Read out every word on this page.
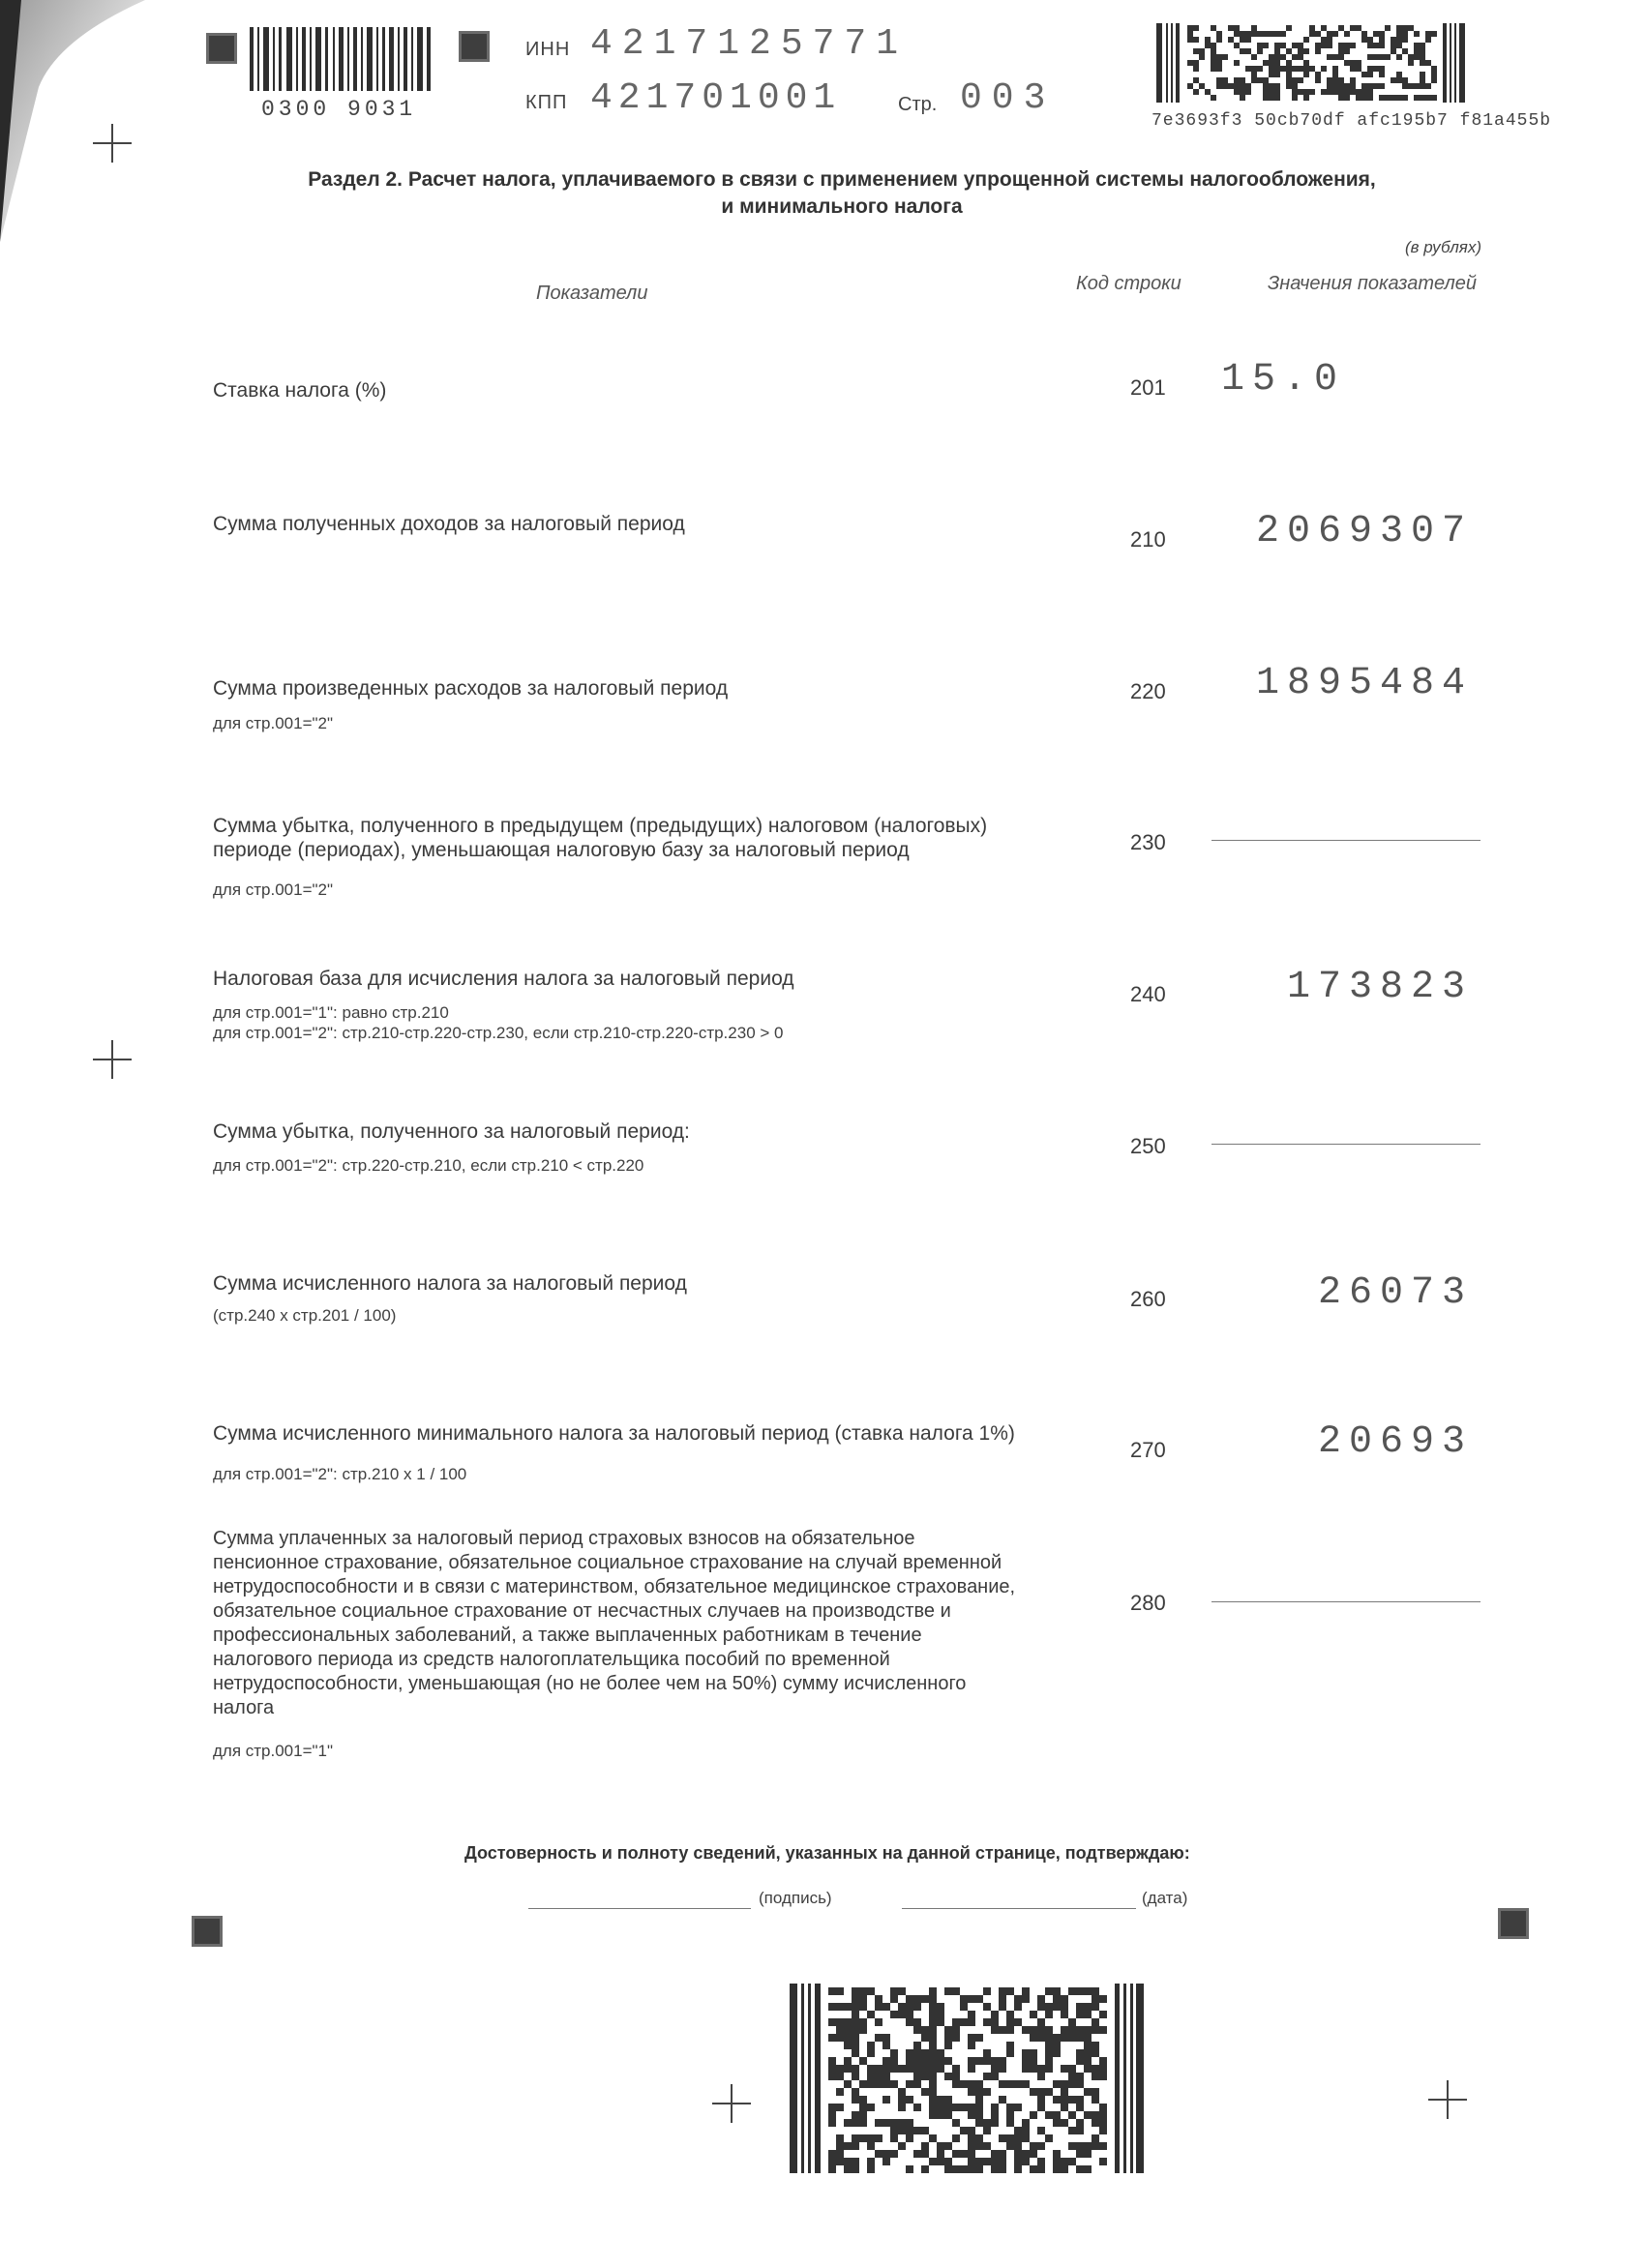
0300 9031
ИНН 4217125771
КПП 421701001	Стр. 003
7e3693f3 50cb70df afc195b7 f81a455b
Раздел 2. Расчет налога, уплачиваемого в связи с применением упрощенной системы налогообложения,
и минимального налога
(в рублях)
Показатели	Код строки	Значения показателей
Ставка налога (%)	201 15.0
Сумма полученных доходов за налоговый период
210	2069307
Сумма произведенных расходов за налоговый период
для стр.001="2"
220	1895484
Сумма убытка, полученного в предыдущем (предыдущих) налоговом (налоговых)
периоде (периодах), уменьшающая налоговую базу за налоговый период
для стр.001="2"
230
Налоговая база для исчисления налога за налоговый период
для стр.001="1": равно стр.210
для стр.001="2": стр.210-стр.220-стр.230, если стр.210-стр.220-стр.230 > 0
240	173823
Сумма убытка, полученного за налоговый период:
для стр.001="2": стр.220-стр.210, если стр.210 < стр.220
250
Сумма исчисленного налога за налоговый период
(стр.240 х стр.201 / 100)
260	26073
Сумма исчисленного минимального налога за налоговый период (ставка налога 1%)
для стр.001="2": стр.210 х 1 / 100
270	20693
Сумма уплаченных за налоговый период страховых взносов на обязательное
пенсионное страхование, обязательное социальное страхование на случай временной
нетрудоспособности и в связи с материнством, обязательное медицинское страхование,
обязательное социальное страхование от несчастных случаев на производстве и
профессиональных заболеваний, а также выплаченных работникам в течение
налогового периода из средств налогоплательщика пособий по временной
нетрудоспособности, уменьшающая (но не более чем на 50%) сумму исчисленного
налога
для стр.001="1"
280
Достоверность и полноту сведений, указанных на данной странице, подтверждаю:
(подпись)	(дата)
